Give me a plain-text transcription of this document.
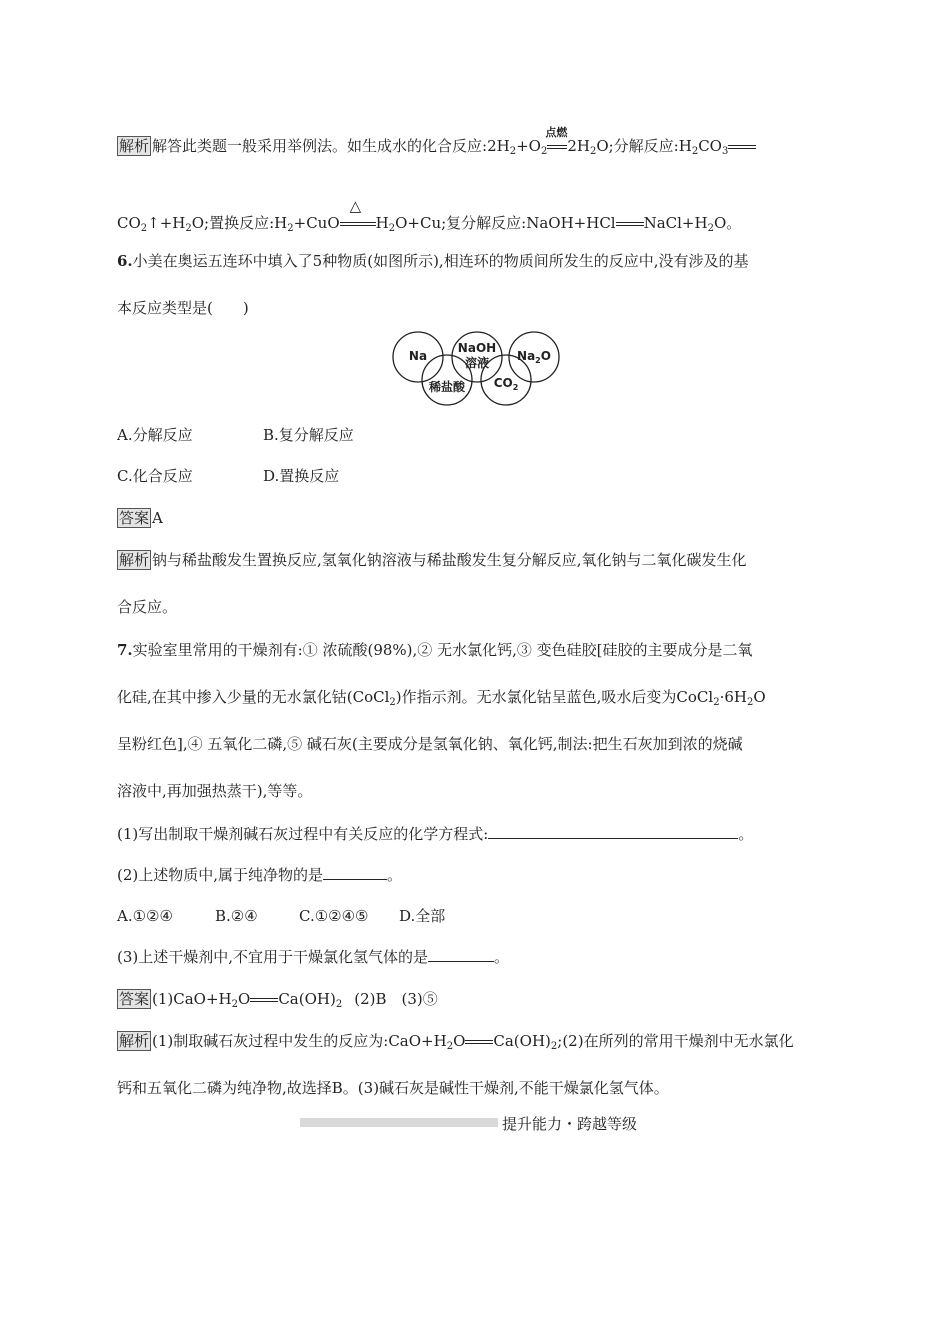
解析 解答此类题一般采用举例法。如生成水的化合反应$:2H_2+O_2$
点燃
$2H_2O$;分解反应$:H_2CO_3$
$CO_2↑+H_2O$;置换反应$:H_2+CuO$
△
$H_2O+Cu$;复分解反应:NaOH+HCl $NaCl+H_2O$。
6.小美在奥运五连环中填入了5种物质(如图所示),相连环的物质间所发生的反应中,没有涉及的基
本反应类型是(　　)
Na
NaOH
溶液 $Na_2O$
稀盐酸 $CO_2$
A.分解反应	B.复分解反应
C.化合反应	D.置换反应
答案 A
解析 钠与稀盐酸发生置换反应,氢氧化钠溶液与稀盐酸发生复分解反应,氧化钠与二氧化碳发生化
合反应。
7.实验室里常用的干燥剂有:① 浓硫酸(98%),② 无水氯化钙,③ 变色硅胶[硅胶的主要成分是二氧
化硅,在其中掺入少量的无水氯化钴(CoCl$_2$)作指示剂。无水氯化钴呈蓝色,吸水后变为$CoCl_2\cdot 6H_2O$
呈粉红色],④ 五氧化二磷,⑤ 碱石灰(主要成分是氢氧化钠、氧化钙,制法:把生石灰加到浓的烧碱
溶液中,再加强热蒸干),等等。
(1)写出制取干燥剂碱石灰过程中有关反应的化学方程式:	。
(2)上述物质中,属于纯净物的是	。
A.①②④	B.②④	C.①②④⑤ D.全部
(3)上述干燥剂中,不宜用于干燥氯化氢气体的是	。
答案 $(1)CaO+H_2O$ $Ca(OH)_2$ (2)B　(3)⑤
解析 (1)制取碱石灰过程中发生的反应为$:CaO+H_2O$ $Ca(OH)_2;(2)$在所列的常用干燥剂中无水氯化
钙和五氧化二磷为纯净物,故选择B。(3)碱石灰是碱性干燥剂,不能干燥氯化氢气体。
提升能力・跨越等级
